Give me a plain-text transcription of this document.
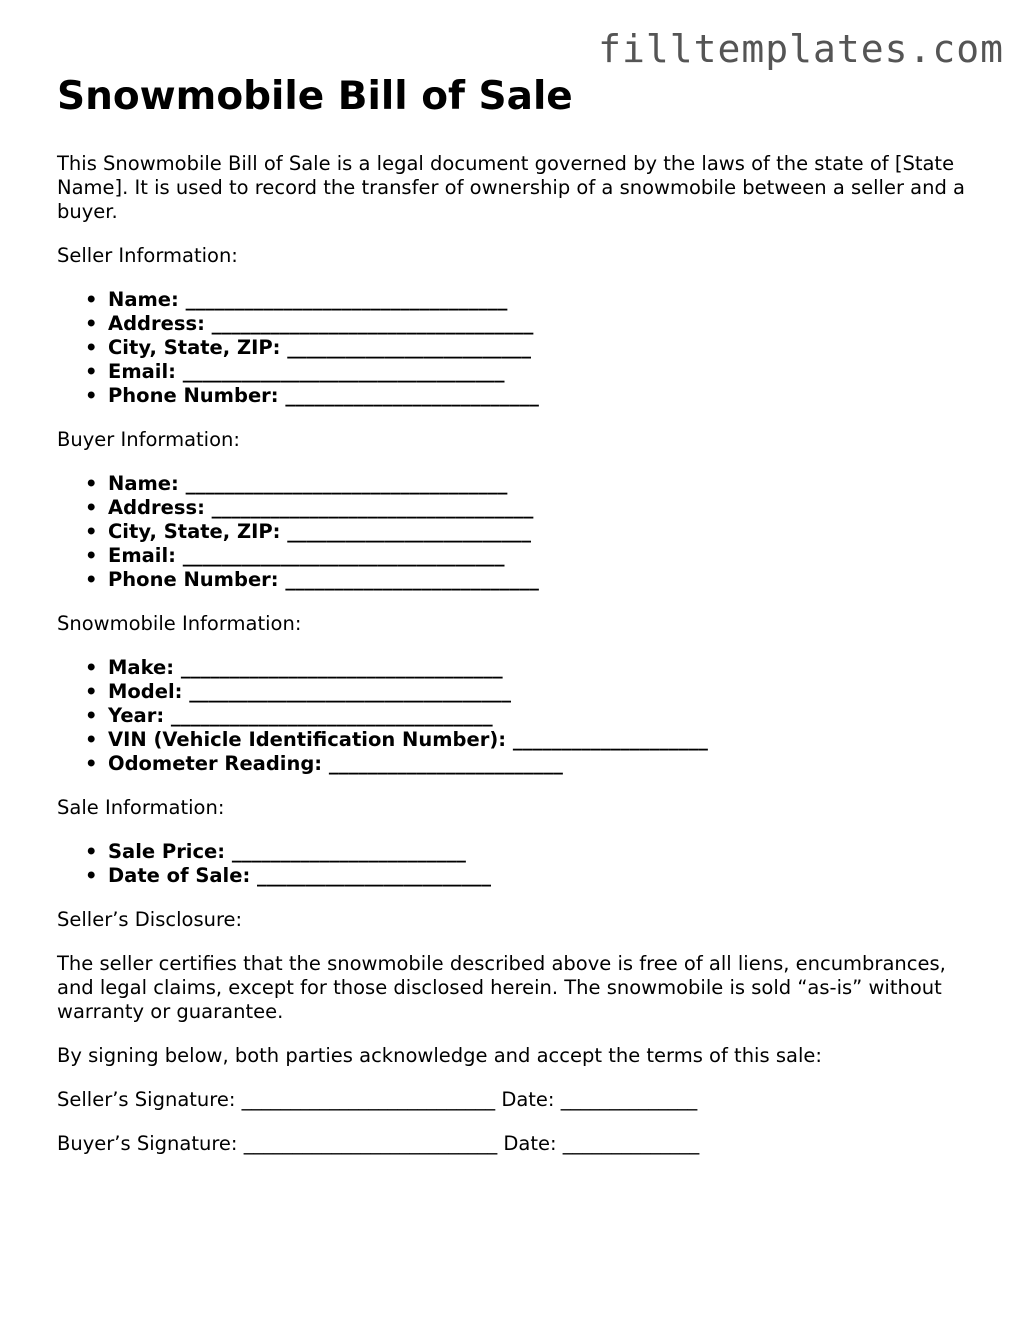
filltemplates.com
Snowmobile Bill of Sale

This Snowmobile Bill of Sale is a legal document governed by the laws of the state of [State Name]. It is used to record the transfer of ownership of a snowmobile between a seller and a buyer.

Seller Information:
• Name: _________________________________
• Address: _________________________________
• City, State, ZIP: _________________________
• Email: _________________________________
• Phone Number: __________________________
Buyer Information:
• Name: _________________________________
• Address: _________________________________
• City, State, ZIP: _________________________
• Email: _________________________________
• Phone Number: __________________________
Snowmobile Information:
• Make: _________________________________
• Model: _________________________________
• Year: _________________________________
• VIN (Vehicle Identification Number): ____________________
• Odometer Reading: ________________________
Sale Information:
• Sale Price: ________________________
• Date of Sale: ________________________
Seller’s Disclosure:

The seller certifies that the snowmobile described above is free of all liens, encumbrances, and legal claims, except for those disclosed herein. The snowmobile is sold “as-is” without warranty or guarantee.

By signing below, both parties acknowledge and accept the terms of this sale:

Seller’s Signature: __________________________ Date: ______________
Buyer’s Signature: __________________________ Date: ______________
